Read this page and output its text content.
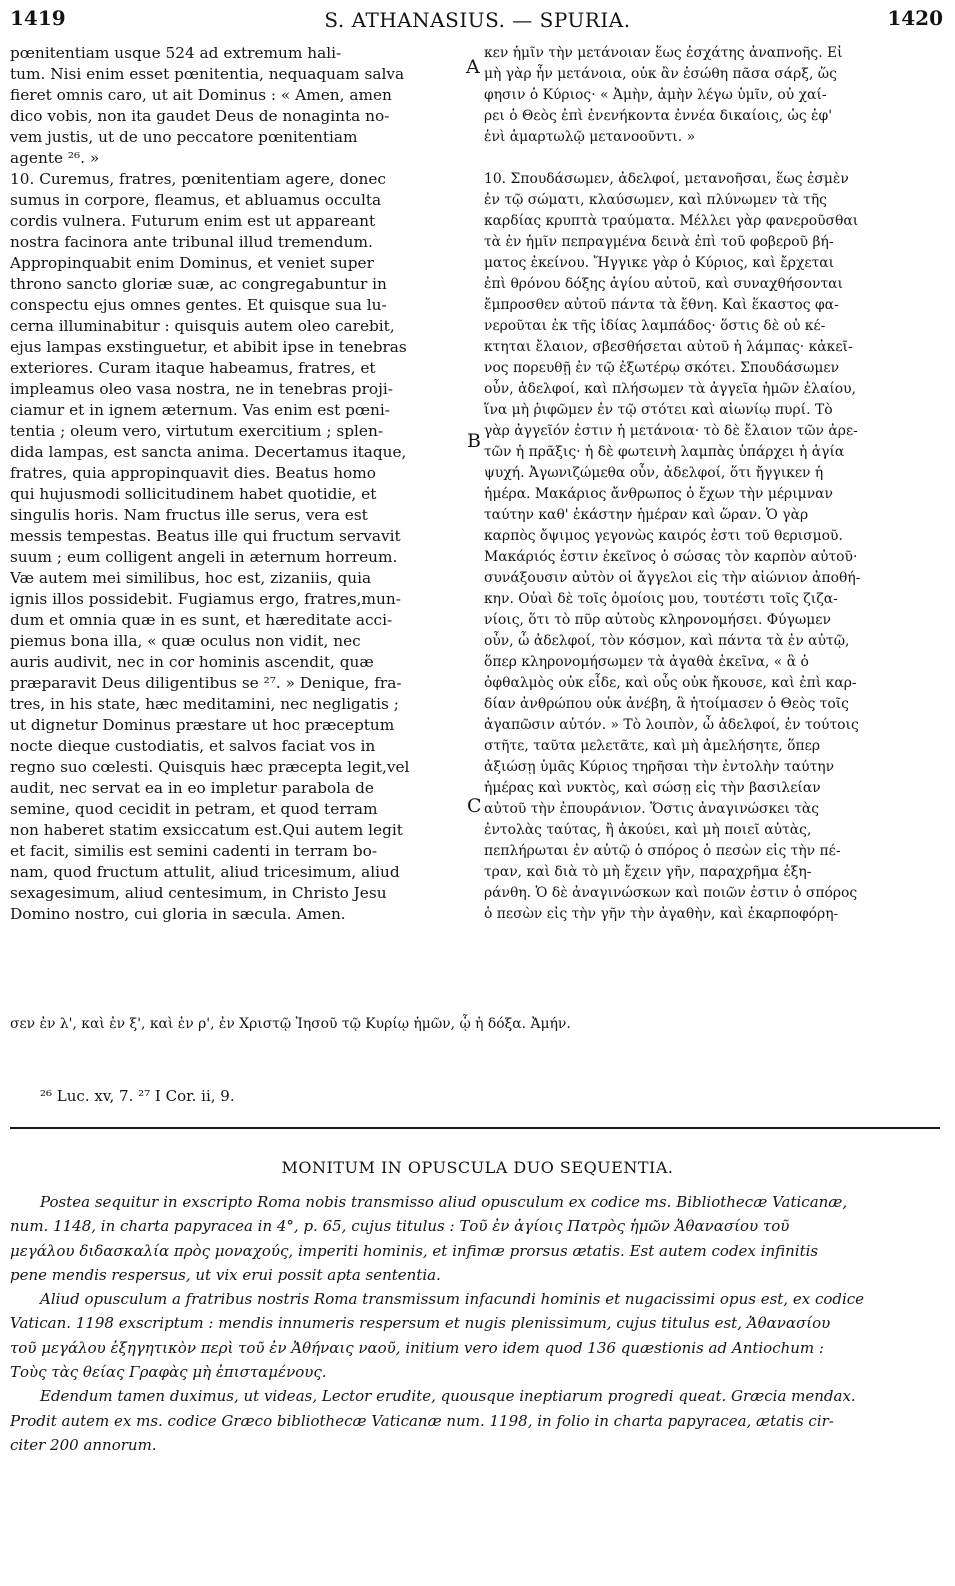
1419	S. ATHANASIUS. — SPURIA.	1420
pœnitentiam usque 524 ad extremum hali-
tum. Nisi enim esset pœnitentia, nequaquam salva
fieret omnis caro, ut ait Dominus : « Amen, amen
dico vobis, non ita gaudet Deus de nonaginta no-
vem justis, ut de uno peccatore pœnitentiam
agente ²⁶. »
10. Curemus, fratres, pœnitentiam agere, donec
sumus in corpore, fleamus, et abluamus occulta
cordis vulnera. Futurum enim est ut appareant
nostra facinora ante tribunal illud tremendum.
Appropinquabit enim Dominus, et veniet super
throno sancto gloriæ suæ, ac congregabuntur in
conspectu ejus omnes gentes. Et quisque sua lu-
cerna illuminabitur : quisquis autem oleo carebit,
ejus lampas exstinguetur, et abibit ipse in tenebras
exteriores. Curam itaque habeamus, fratres, et
impleamus oleo vasa nostra, ne in tenebras proji-
ciamur et in ignem æternum. Vas enim est pœni-
tentia ; oleum vero, virtutum exercitium ; splen-
dida lampas, est sancta anima. Decertamus itaque,
fratres, quia appropinquavit dies. Beatus homo
qui hujusmodi sollicitudinem habet quotidie, et
singulis horis. Nam fructus ille serus, vera est
messis tempestas. Beatus ille qui fructum servavit
suum ; eum colligent angeli in æternum horreum.
Væ autem mei similibus, hoc est, zizaniis, quia
ignis illos possidebit. Fugiamus ergo, fratres,mun-
dum et omnia quæ in es sunt, et hæreditate acci-
piemus bona illa, « quæ oculus non vidit, nec
auris audivit, nec in cor hominis ascendit, quæ
præparavit Deus diligentibus se ²⁷. » Denique, fra-
tres, in his state, hæc meditamini, nec negligatis ;
ut dignetur Dominus præstare ut hoc præceptum
nocte dieque custodiatis, et salvos faciat vos in
regno suo cœlesti. Quisquis hæc præcepta legit,vel
audit, nec servat ea in eo impletur parabola de
semine, quod cecidit in petram, et quod terram
non haberet statim exsiccatum est.Qui autem legit
et facit, similis est semini cadenti in terram bo-
nam, quod fructum attulit, aliud tricesimum, aliud
sexagesimum, aliud centesimum, in Christo Jesu
Domino nostro, cui gloria in sæcula. Amen.
κεν ἡμῖν τὴν μετάνοιαν ἕως ἐσχάτης ἀναπνοῆς. Εἰ
μὴ γὰρ ἦν μετάνοια, οὐκ ἂν ἐσώθη πᾶσα σάρξ, ὥς
φησιν ὁ Κύριος· « Ἀμὴν, ἀμὴν λέγω ὑμῖν, οὐ χαί-
ρει ὁ Θεὸς ἐπὶ ἐνενήκοντα ἐννέα δικαίοις, ὡς ἐφ'
ἑνὶ ἁμαρτωλῷ μετανοοῦντι. »
10. Σπουδάσωμεν, ἀδελφοί, μετανοῆσαι, ἕως ἐσμὲν
ἐν τῷ σώματι, κλαύσωμεν, καὶ πλύνωμεν τὰ τῆς
καρδίας κρυπτὰ τραύματα. Μέλλει γὰρ φανεροῦσθαι
τὰ ἐν ἡμῖν πεπραγμένα δεινὰ ἐπὶ τοῦ φοβεροῦ βή-
ματος ἐκείνου. Ἤγγικε γὰρ ὁ Κύριος, καὶ ἔρχεται
ἐπὶ θρόνου δόξης ἁγίου αὐτοῦ, καὶ συναχθήσονται
ἔμπροσθεν αὐτοῦ πάντα τὰ ἔθνη. Καὶ ἕκαστος φα-
νεροῦται ἐκ τῆς ἰδίας λαμπάδος· ὅστις δὲ οὐ κέ-
κτηται ἔλαιον, σβεσθήσεται αὐτοῦ ἡ λάμπας· κἀκεῖ-
νος πορευθῇ ἐν τῷ ἐξωτέρῳ σκότει. Σπουδάσωμεν
οὖν, ἀδελφοί, καὶ πλήσωμεν τὰ ἀγγεῖα ἡμῶν ἐλαίου,
ἵνα μὴ ῥιφῶμεν ἐν τῷ στότει καὶ αἰωνίῳ πυρί. Τὸ
γὰρ ἀγγεῖόν ἐστιν ἡ μετάνοια· τὸ δὲ ἔλαιον τῶν ἀρε-
τῶν ἡ πρᾶξις· ἡ δὲ φωτεινὴ λαμπὰς ὑπάρχει ἡ ἁγία
ψυχή. Ἀγωνιζώμεθα οὖν, ἀδελφοί, ὅτι ἤγγικεν ἡ
ἡμέρα. Μακάριος ἄνθρωπος ὁ ἔχων τὴν μέριμναν
ταύτην καθ' ἑκάστην ἡμέραν καὶ ὥραν. Ὁ γὰρ
καρπὸς ὄψιμος γεγονὼς καιρός ἐστι τοῦ θερισμοῦ.
Μακάριός ἐστιν ἐκεῖνος ὁ σώσας τὸν καρπὸν αὐτοῦ·
συνάξουσιν αὐτὸν οἱ ἄγγελοι εἰς τὴν αἰώνιον ἀποθή-
κην. Οὐαὶ δὲ τοῖς ὁμοίοις μου, τουτέστι τοῖς ζιζα-
νίοις, ὅτι τὸ πῦρ αὐτοὺς κληρονομήσει. Φύγωμεν
οὖν, ὦ ἀδελφοί, τὸν κόσμον, καὶ πάντα τὰ ἐν αὐτῷ,
ὅπερ κληρονομήσωμεν τὰ ἀγαθὰ ἐκεῖνα, « ἃ ὁ
ὀφθαλμὸς οὐκ εἶδε, καὶ οὖς οὐκ ἤκουσε, καὶ ἐπὶ καρ-
δίαν ἀνθρώπου οὐκ ἀνέβη, ἃ ἡτοίμασεν ὁ Θεὸς τοῖς
ἀγαπῶσιν αὐτόν. » Τὸ λοιπὸν, ὦ ἀδελφοί, ἐν τούτοις
στῆτε, ταῦτα μελετᾶτε, καὶ μὴ ἀμελήσητε, ὅπερ
ἀξιώσῃ ὑμᾶς Κύριος τηρῆσαι τὴν ἐντολὴν ταύτην
ἡμέρας καὶ νυκτὸς, καὶ σώσῃ εἰς τὴν βασιλείαν
αὐτοῦ τὴν ἐπουράνιον. Ὅστις ἀναγινώσκει τὰς
ἐντολὰς ταύτας, ἢ ἀκούει, καὶ μὴ ποιεῖ αὐτὰς,
πεπλήρωται ἐν αὐτῷ ὁ σπόρος ὁ πεσὼν εἰς τὴν πέ-
τραν, καὶ διὰ τὸ μὴ ἔχειν γῆν, παραχρῆμα ἐξη-
ράνθη. Ὁ δὲ ἀναγινώσκων καὶ ποιῶν ἐστιν ὁ σπόρος
ὁ πεσὼν εἰς τὴν γῆν τὴν ἀγαθὴν, καὶ ἐκαρποφόρη-
A
B
C
σεν ἐν λ', καὶ ἐν ξ', καὶ ἐν ρ', ἐν Χριστῷ Ἰησοῦ τῷ Κυρίῳ ἡμῶν, ᾧ ἡ δόξα. Ἀμήν.
²⁶ Luc. xv, 7. ²⁷ I Cor. ii, 9.
MONITUM IN OPUSCULA DUO SEQUENTIA.
Postea sequitur in exscripto Roma nobis transmisso aliud opusculum ex codice ms. Bibliothecæ Vaticanæ,
num. 1148, in charta papyracea in 4°, p. 65, cujus titulus : Τοῦ ἐν ἁγίοις Πατρὸς ἡμῶν Ἀθανασίου τοῦ
μεγάλου διδασκαλία πρὸς μοναχούς, imperiti hominis, et infimæ prorsus ætatis. Est autem codex infinitis
pene mendis respersus, ut vix erui possit apta sententia.
Aliud opusculum a fratribus nostris Roma transmissum infacundi hominis et nugacissimi opus est, ex codice
Vatican. 1198 exscriptum : mendis innumeris respersum et nugis plenissimum, cujus titulus est, Ἀθανασίου
τοῦ μεγάλου ἐξηγητικὸν περὶ τοῦ ἐν Ἀθήναις ναοῦ, initium vero idem quod 136 quæstionis ad Antiochum :
Τοὺς τὰς θείας Γραφὰς μὴ ἐπισταμένους.
Edendum tamen duximus, ut videas, Lector erudite, quousque ineptiarum progredi queat. Græcia mendax.
Prodit autem ex ms. codice Græco bibliothecæ Vaticanæ num. 1198, in folio in charta papyracea, ætatis cir-
citer 200 annorum.
